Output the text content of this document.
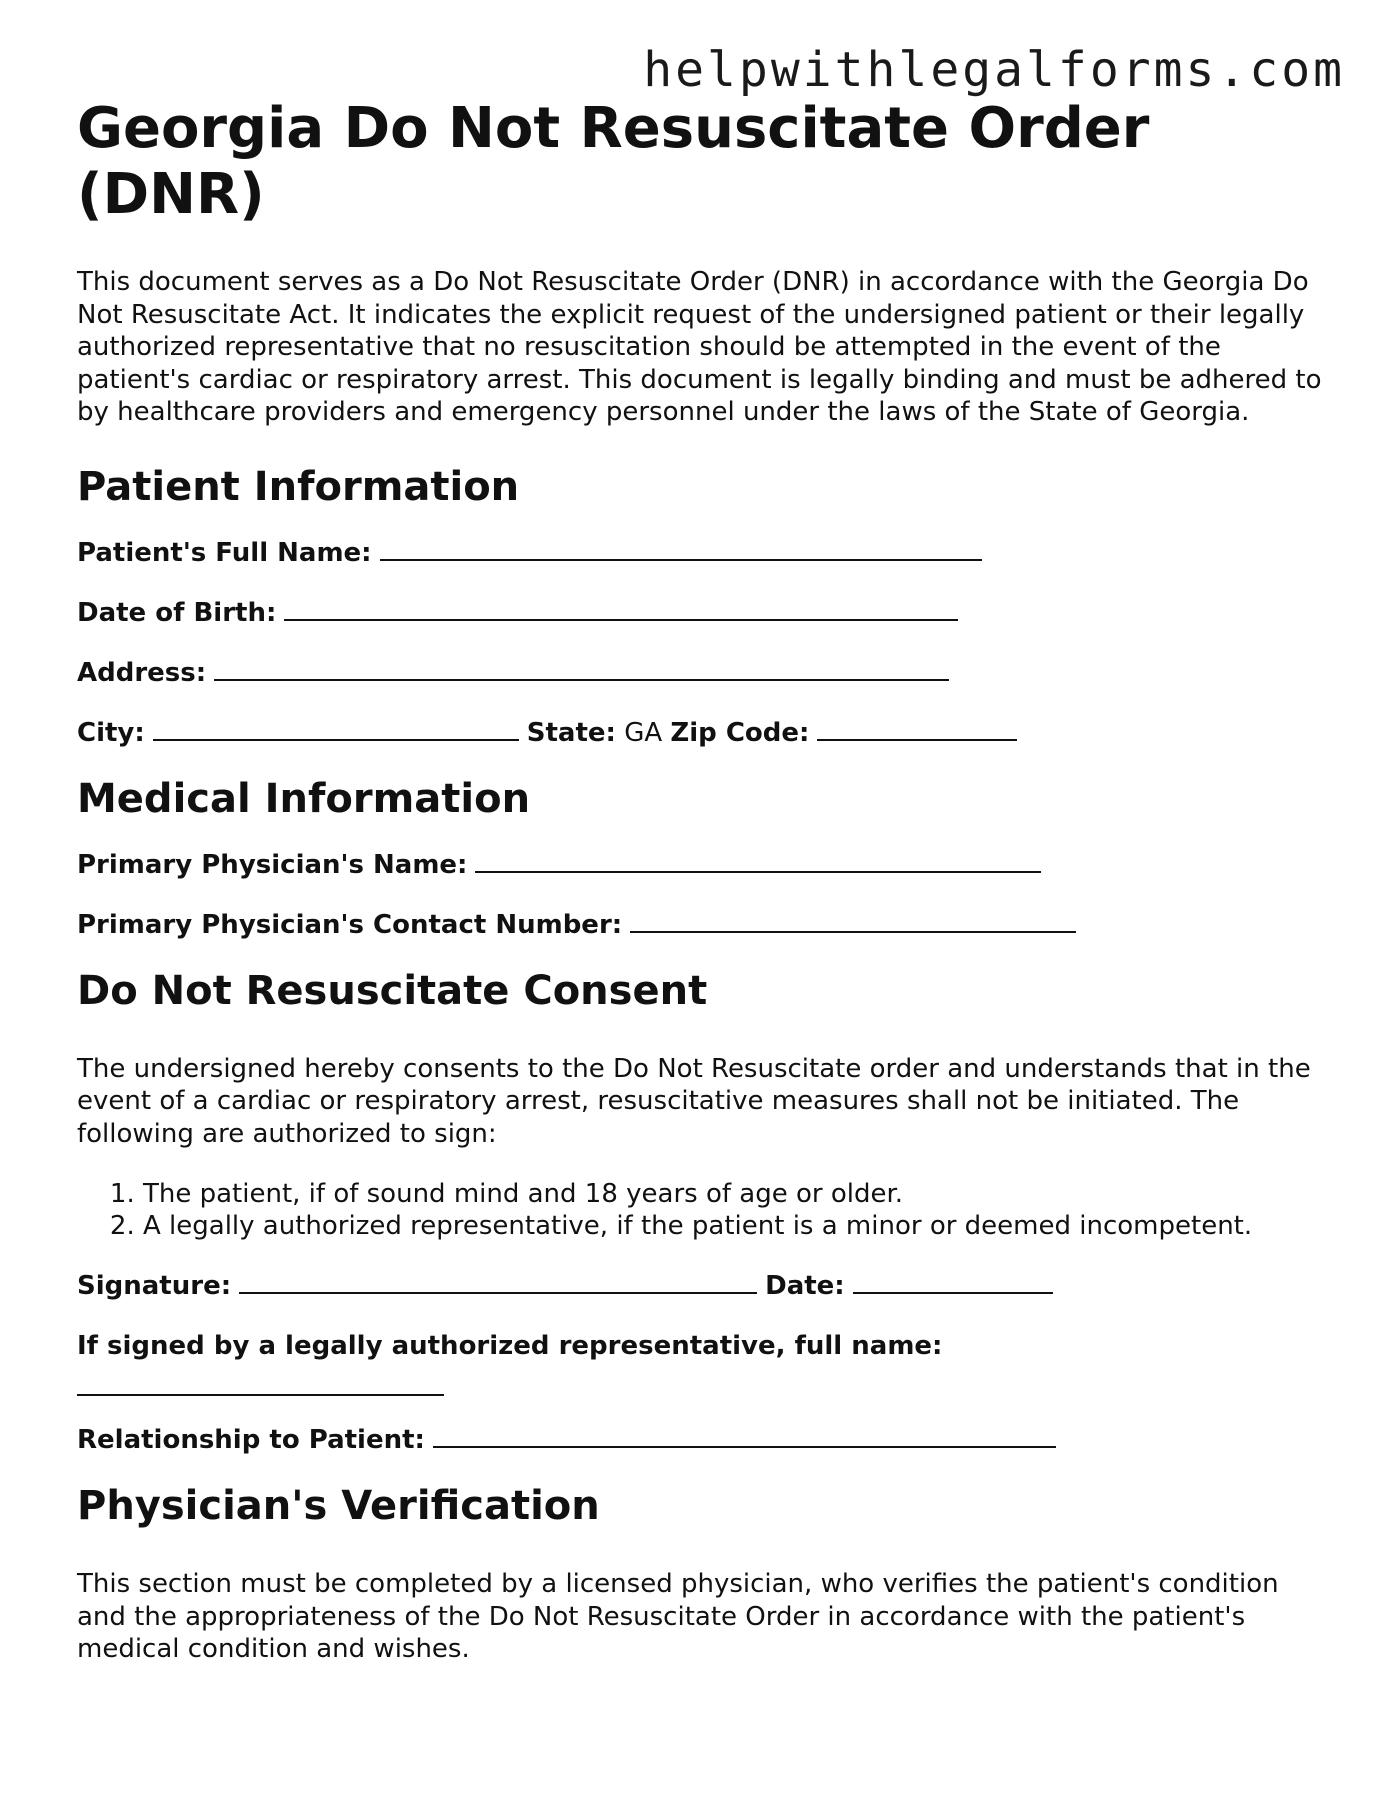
helpwithlegalforms.com
Georgia Do Not Resuscitate Order (DNR)

This document serves as a Do Not Resuscitate Order (DNR) in accordance with the Georgia Do Not Resuscitate Act. It indicates the explicit request of the undersigned patient or their legally authorized representative that no resuscitation should be attempted in the event of the patient's cardiac or respiratory arrest. This document is legally binding and must be adhered to by healthcare providers and emergency personnel under the laws of the State of Georgia.

Patient Information
Patient's Full Name:
Date of Birth:
Address:
City:	State: GA Zip Code:
Medical Information
Primary Physician's Name:
Primary Physician's Contact Number:
Do Not Resuscitate Consent

The undersigned hereby consents to the Do Not Resuscitate order and understands that in the event of a cardiac or respiratory arrest, resuscitative measures shall not be initiated. The following are authorized to sign:

1. The patient, if of sound mind and 18 years of age or older.
2. A legally authorized representative, if the patient is a minor or deemed incompetent.
Signature:	Date:
If signed by a legally authorized representative, full name:
Relationship to Patient:
Physician's Verification

This section must be completed by a licensed physician, who verifies the patient's condition and the appropriateness of the Do Not Resuscitate Order in accordance with the patient's medical condition and wishes.
